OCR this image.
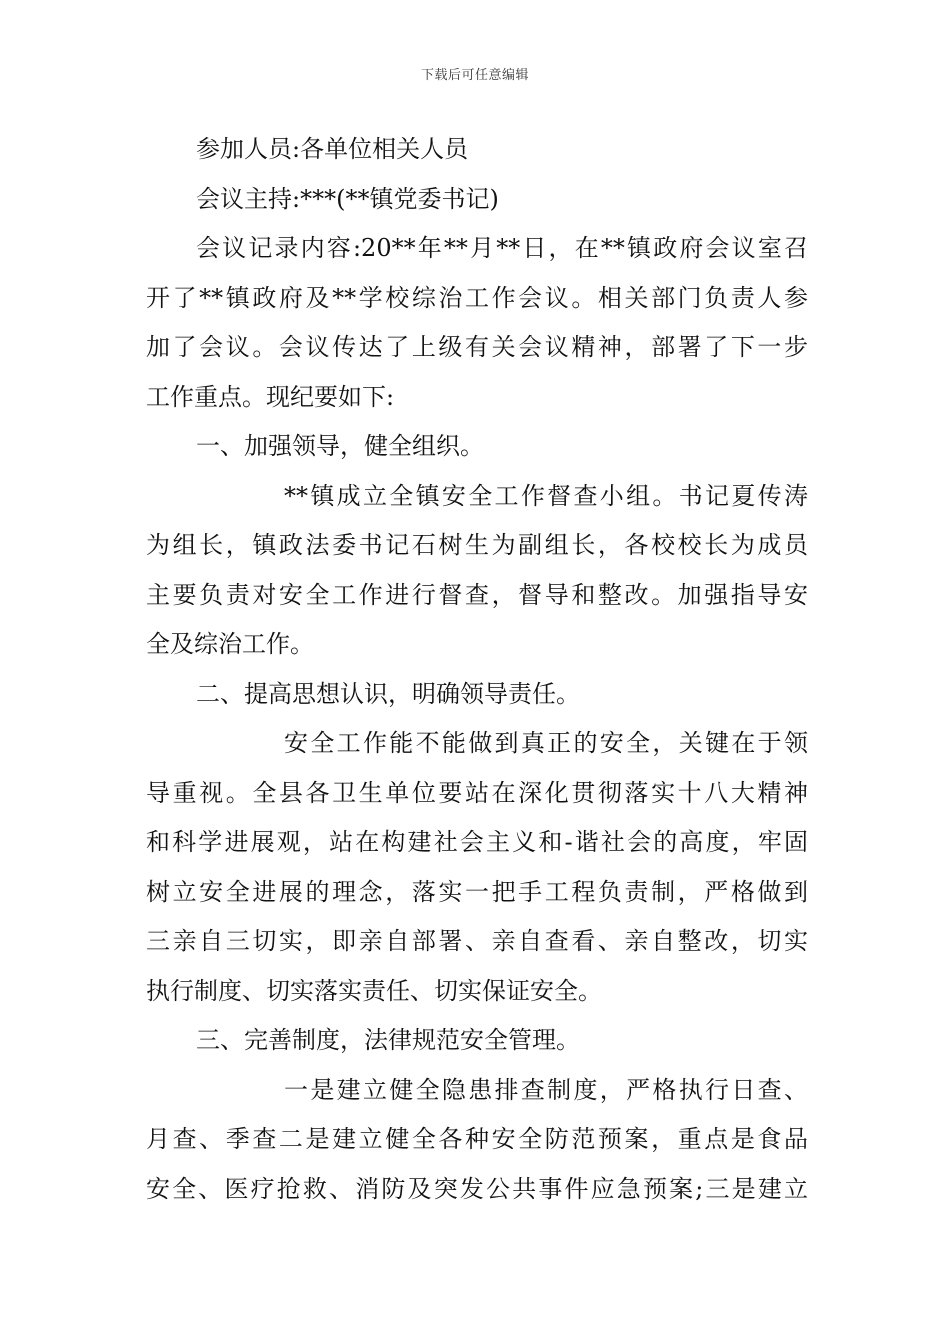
下载后可任意编辑
参加人员:各单位相关人员
会议主持:***(**镇党委书记)
会议记录内容:20**年**月**日，在**镇政府会议室召
开了**镇政府及**学校综治工作会议。相关部门负责人参
加了会议。会议传达了上级有关会议精神，部署了下一步
工作重点。现纪要如下:
一、加强领导，健全组织。
**镇成立全镇安全工作督查小组。书记夏传涛
为组长，镇政法委书记石树生为副组长，各校校长为成员
主要负责对安全工作进行督查，督导和整改。加强指导安
全及综治工作。
二、提高思想认识，明确领导责任。
安全工作能不能做到真正的安全，关键在于领
导重视。全县各卫生单位要站在深化贯彻落实十八大精神
和科学进展观，站在构建社会主义和-谐社会的高度，牢固
树立安全进展的理念，落实一把手工程负责制，严格做到
三亲自三切实，即亲自部署、亲自查看、亲自整改，切实
执行制度、切实落实责任、切实保证安全。
三、完善制度，法律规范安全管理。
一是建立健全隐患排查制度，严格执行日查、
月查、季查二是建立健全各种安全防范预案，重点是食品
安全、医疗抢救、消防及突发公共事件应急预案;三是建立
